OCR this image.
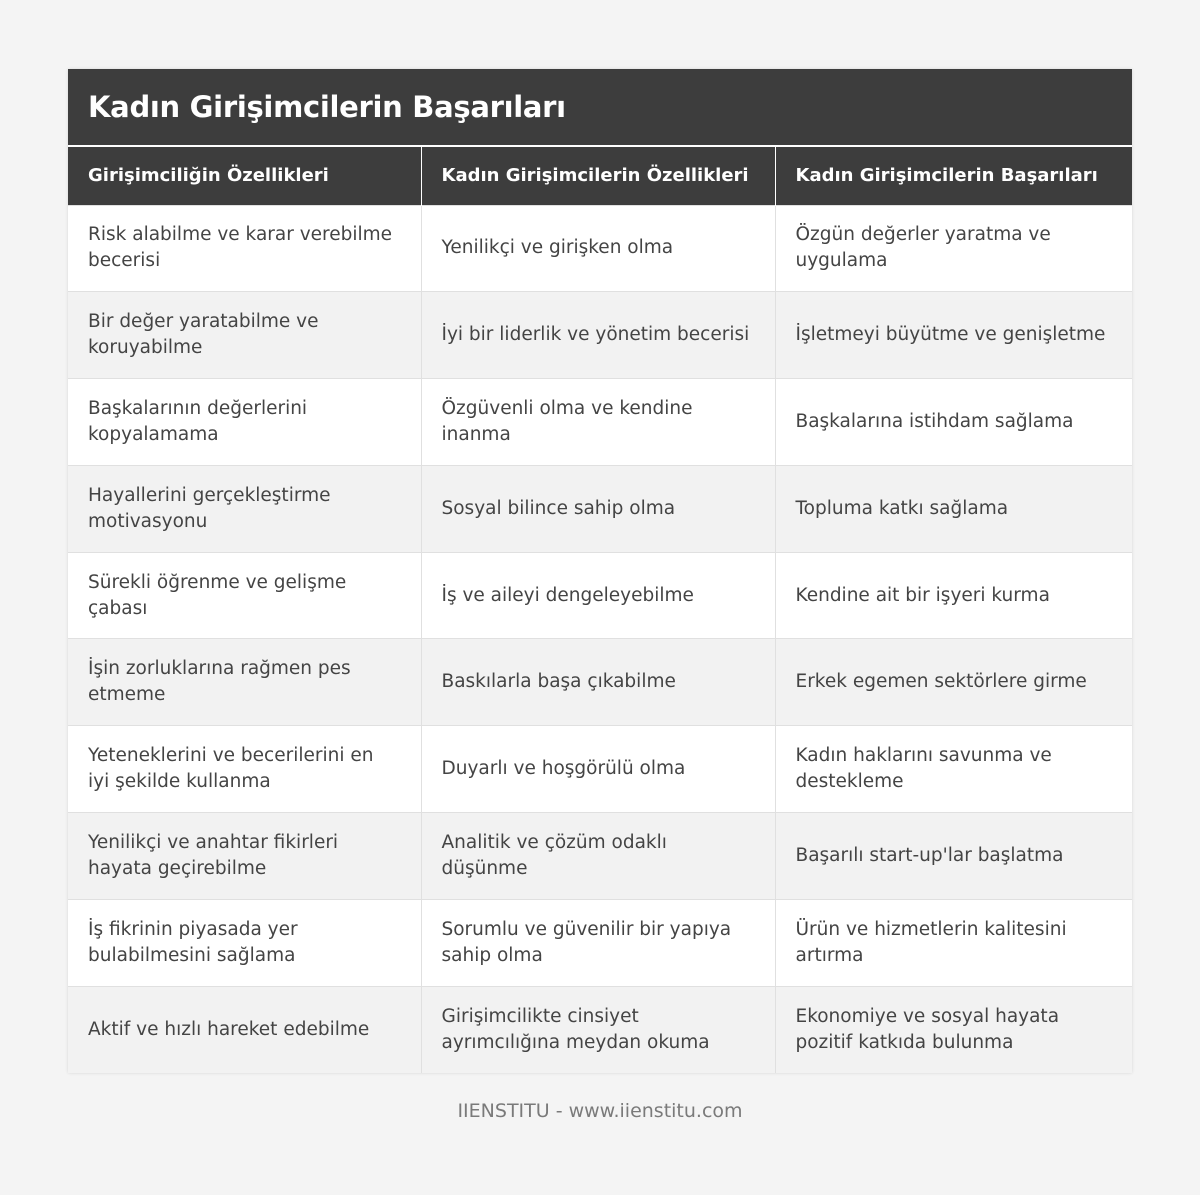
Kadın Girişimcilerin Başarıları
Girişimciliğin Özellikleri	Kadın Girişimcilerin Özellikleri	Kadın Girişimcilerin Başarıları
Risk alabilme ve karar verebilme becerisi	Yenilikçi ve girişken olma	Özgün değerler yaratma ve uygulama
Bir değer yaratabilme ve koruyabilme	İyi bir liderlik ve yönetim becerisi	İşletmeyi büyütme ve genişletme
Başkalarının değerlerini kopyalamama	Özgüvenli olma ve kendine inanma	Başkalarına istihdam sağlama
Hayallerini gerçekleştirme motivasyonu	Sosyal bilince sahip olma	Topluma katkı sağlama
Sürekli öğrenme ve gelişme çabası	İş ve aileyi dengeleyebilme	Kendine ait bir işyeri kurma
İşin zorluklarına rağmen pes etmeme	Baskılarla başa çıkabilme	Erkek egemen sektörlere girme
Yeteneklerini ve becerilerini en iyi şekilde kullanma	Duyarlı ve hoşgörülü olma	Kadın haklarını savunma ve destekleme
Yenilikçi ve anahtar fikirleri hayata geçirebilme	Analitik ve çözüm odaklı düşünme	Başarılı start-up'lar başlatma
İş fikrinin piyasada yer bulabilmesini sağlama	Sorumlu ve güvenilir bir yapıya sahip olma	Ürün ve hizmetlerin kalitesini artırma
Aktif ve hızlı hareket edebilme	Girişimcilikte cinsiyet ayrımcılığına meydan okuma	Ekonomiye ve sosyal hayata pozitif katkıda bulunma
IIENSTITU - www.iienstitu.com
